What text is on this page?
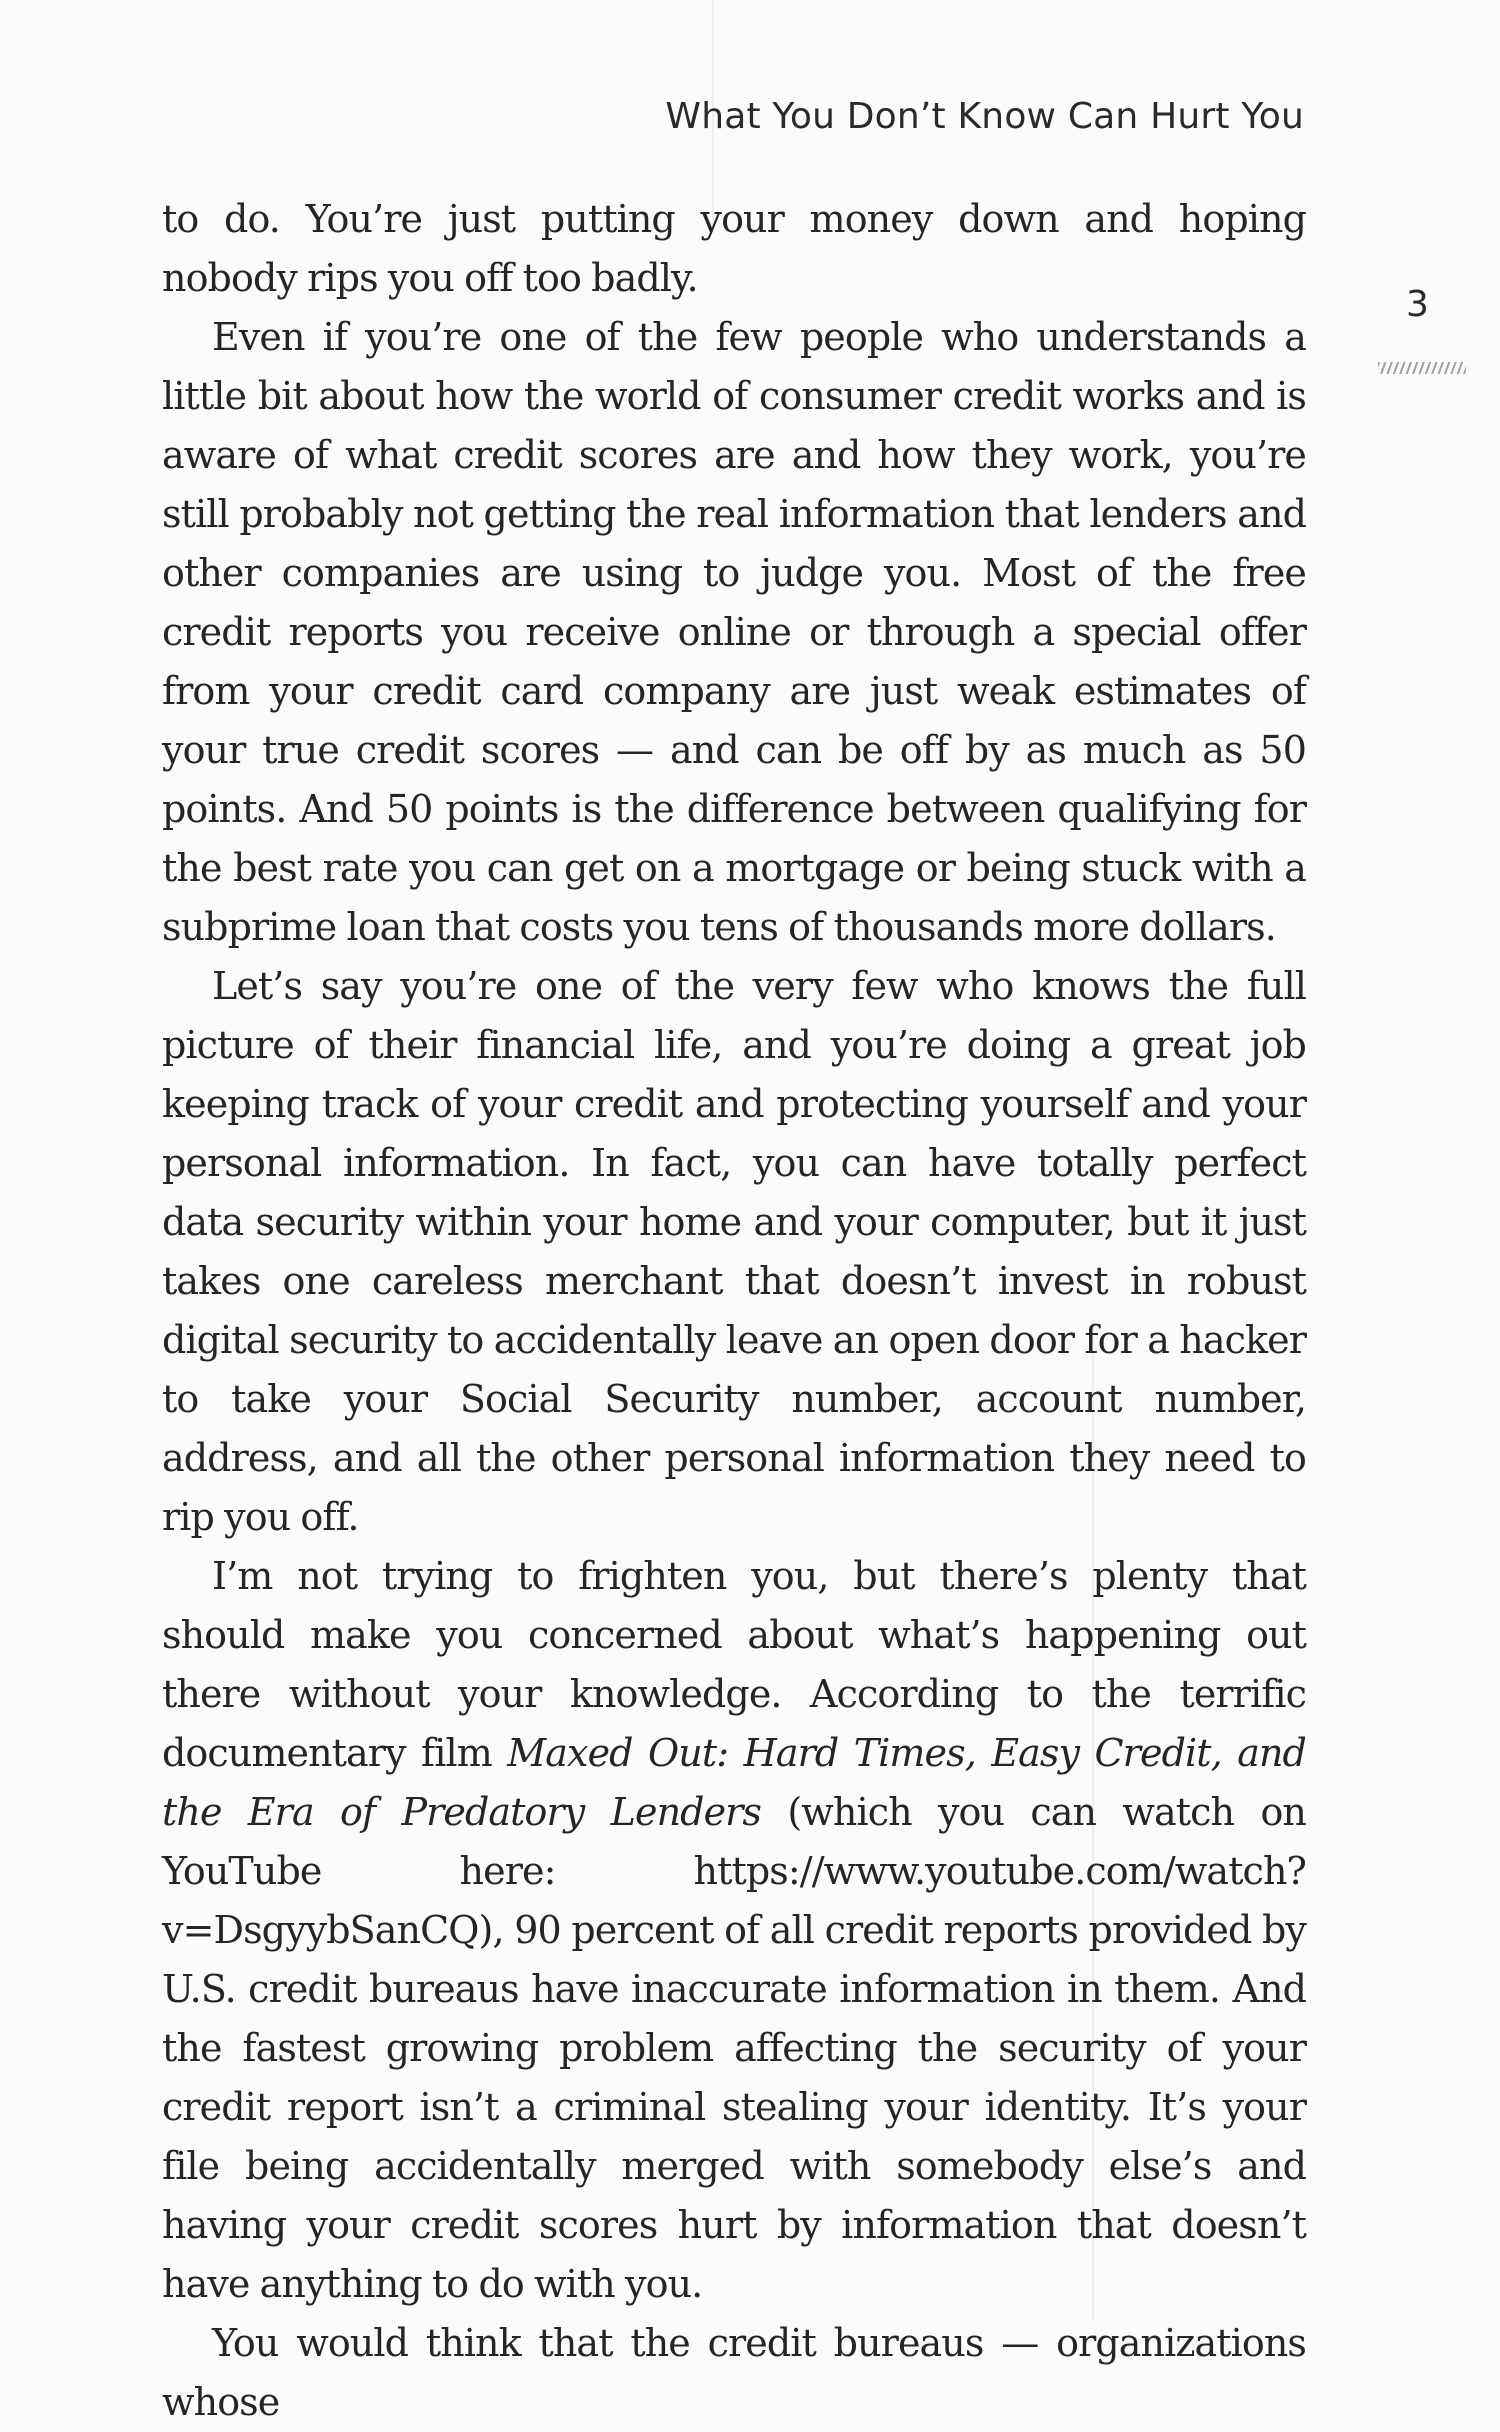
What You Don’t Know Can Hurt You
3

to do. You’re just putting your money down and hoping nobody rips you off too badly.

Even if you’re one of the few people who understands a little bit about how the world of consumer credit works and is aware of what credit scores are and how they work, you’re still probably not getting the real information that lenders and other companies are using to judge you. Most of the free credit reports you receive online or through a special offer from your credit card company are just weak estimates of your true credit scores — and can be off by as much as 50 points. And 50 points is the difference between qualifying for the best rate you can get on a mortgage or being stuck with a subprime loan that costs you tens of thousands more dollars.

Let’s say you’re one of the very few who knows the full picture of their financial life, and you’re doing a great job keeping track of your credit and protecting yourself and your personal information. In fact, you can have totally perfect data security within your home and your computer, but it just takes one careless merchant that doesn’t invest in robust digital security to accidentally leave an open door for a hacker to take your Social Security number, account number, address, and all the other personal information they need to rip you off.

I’m not trying to frighten you, but there’s plenty that should make you concerned about what’s happening out there without your knowledge. According to the terrific documentary film Maxed Out: Hard Times, Easy Credit, and the Era of Predatory Lenders (which you can watch on YouTube here: https://www.youtube.com/watch?v=DsgyybSanCQ), 90 percent of all credit reports provided by U.S. credit bureaus have inaccurate information in them. And the fastest growing problem affecting the security of your credit report isn’t a criminal stealing your identity. It’s your file being accidentally merged with somebody else’s and having your credit scores hurt by information that doesn’t have anything to do with you.

You would think that the credit bureaus — organizations whose
